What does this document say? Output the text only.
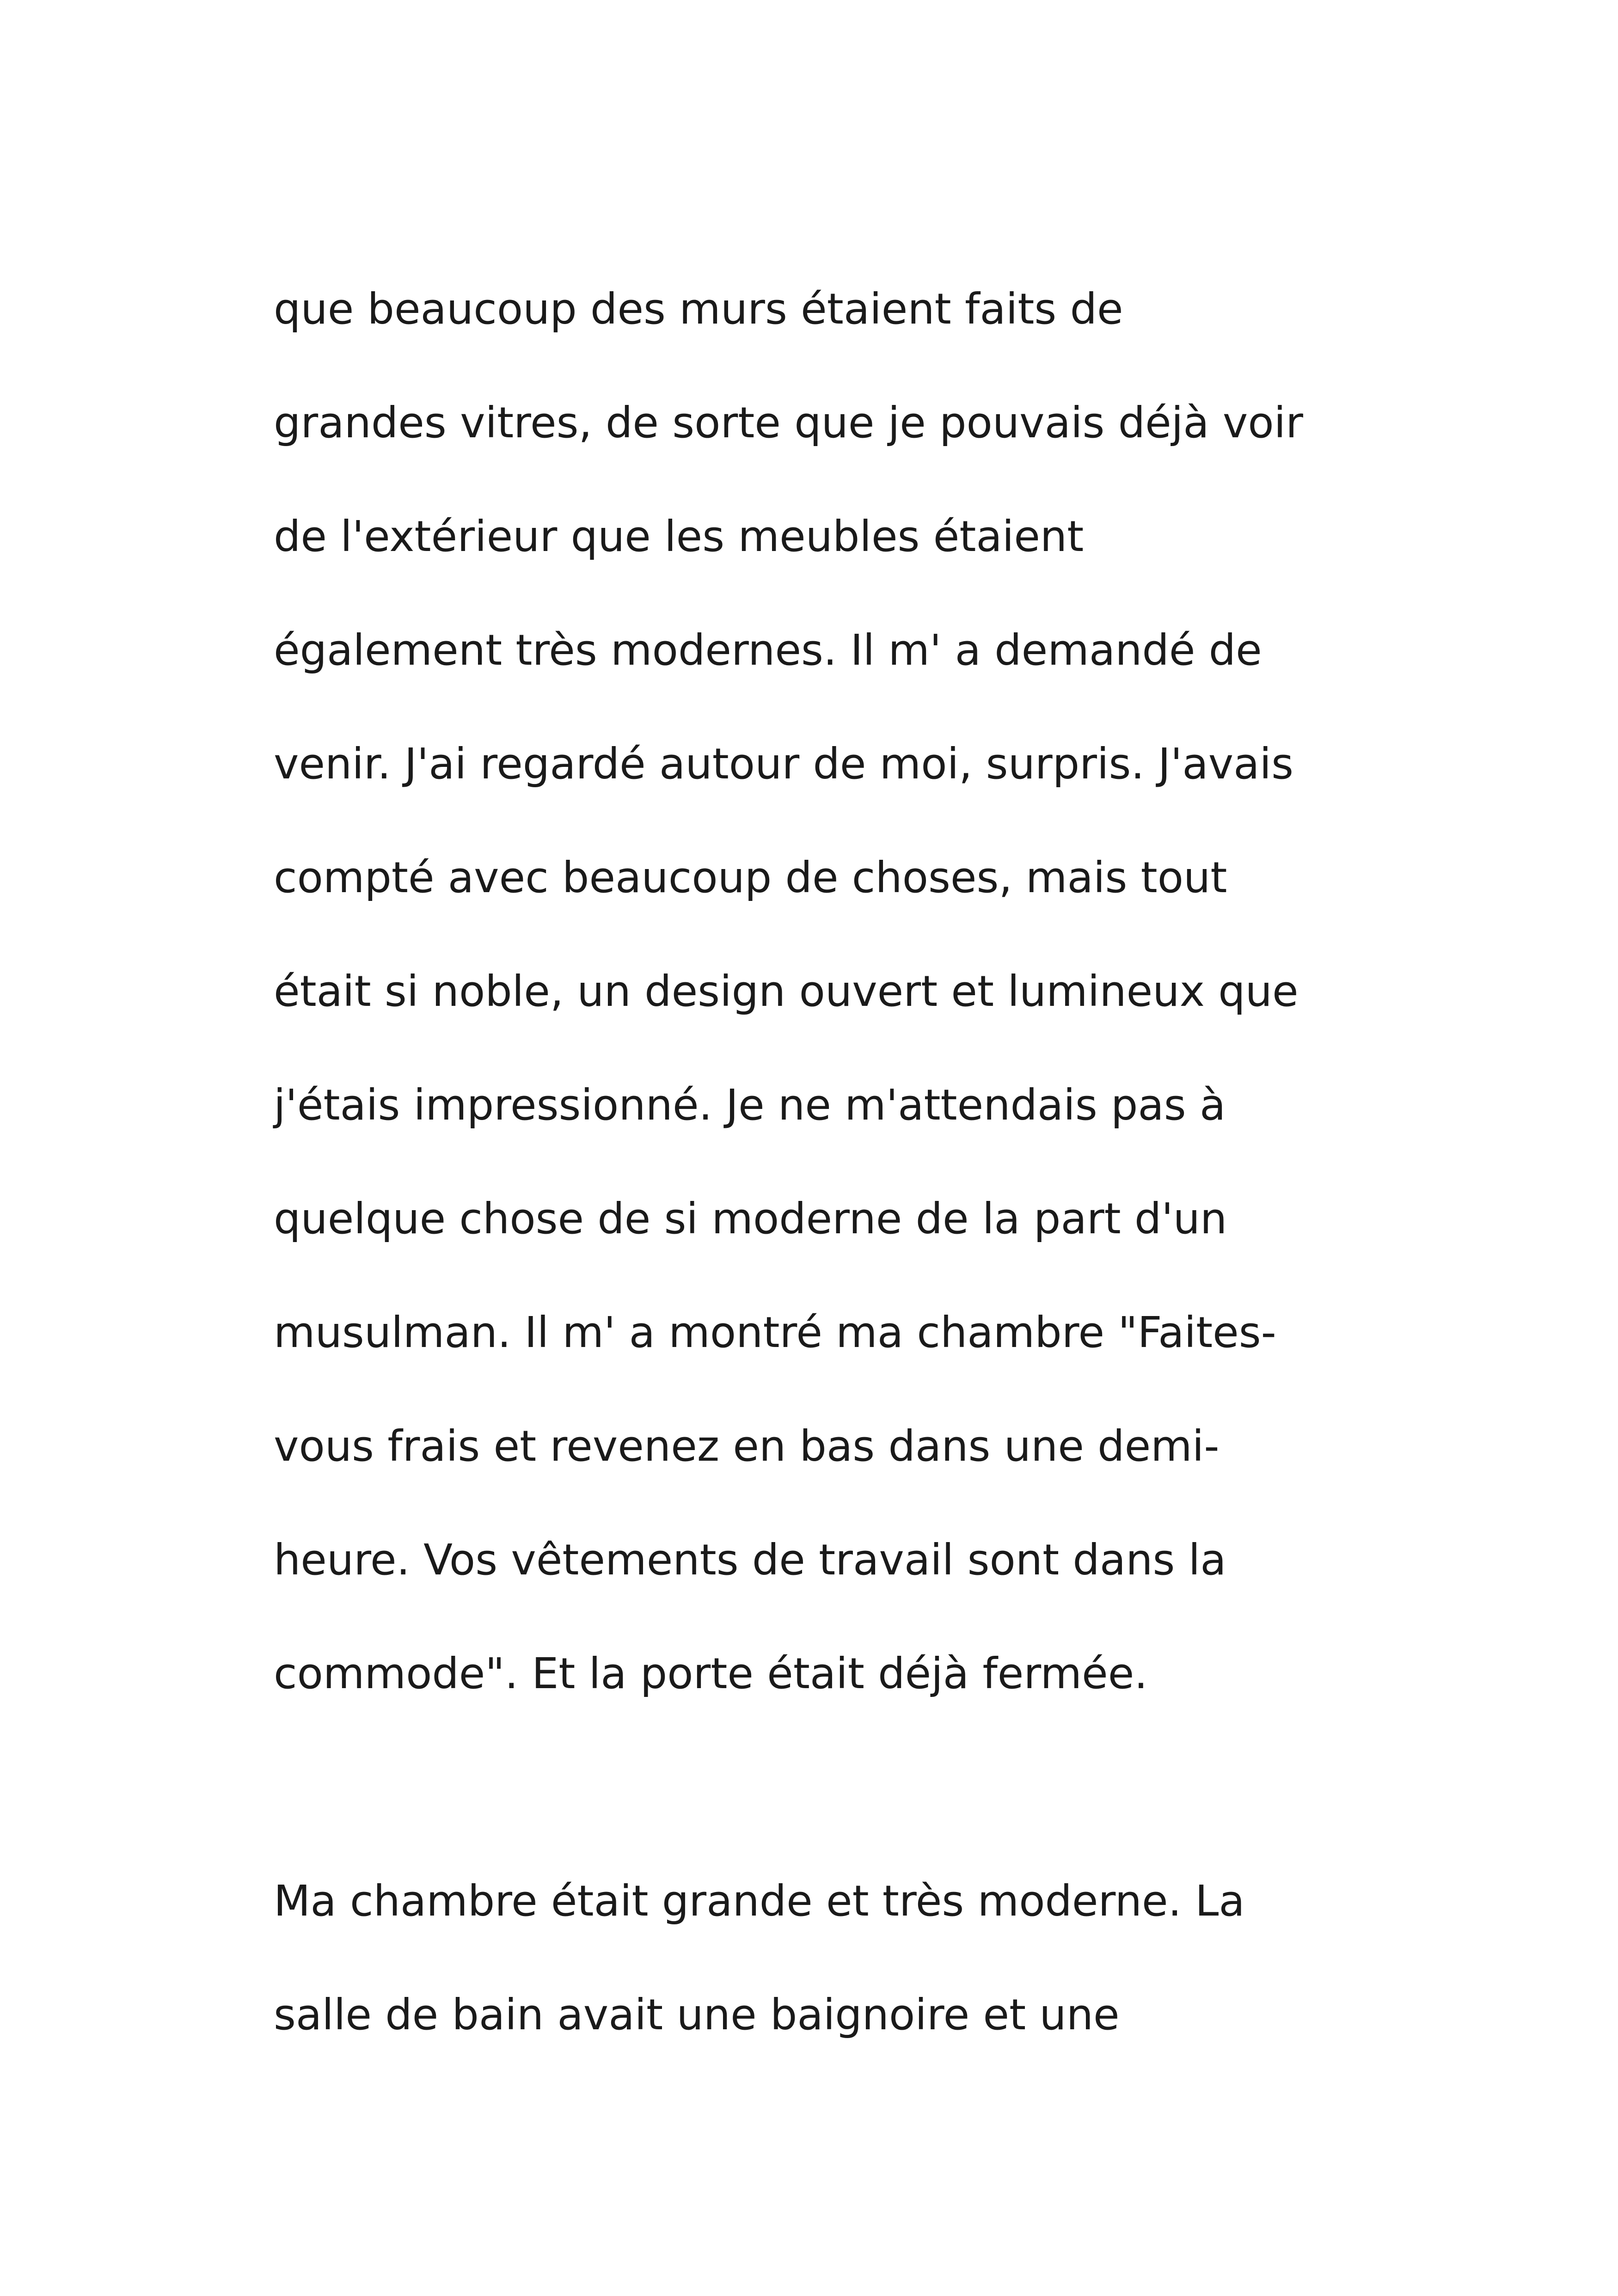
que beaucoup des murs étaient faits de
grandes vitres, de sorte que je pouvais déjà voir
de l'extérieur que les meubles étaient
également très modernes. Il m' a demandé de
venir. J'ai regardé autour de moi, surpris. J'avais
compté avec beaucoup de choses, mais tout
était si noble, un design ouvert et lumineux que
j'étais impressionné. Je ne m'attendais pas à
quelque chose de si moderne de la part d'un
musulman. Il m' a montré ma chambre "Faites-
vous frais et revenez en bas dans une demi-
heure. Vos vêtements de travail sont dans la
commode". Et la porte était déjà fermée.
Ma chambre était grande et très moderne. La
salle de bain avait une baignoire et une
